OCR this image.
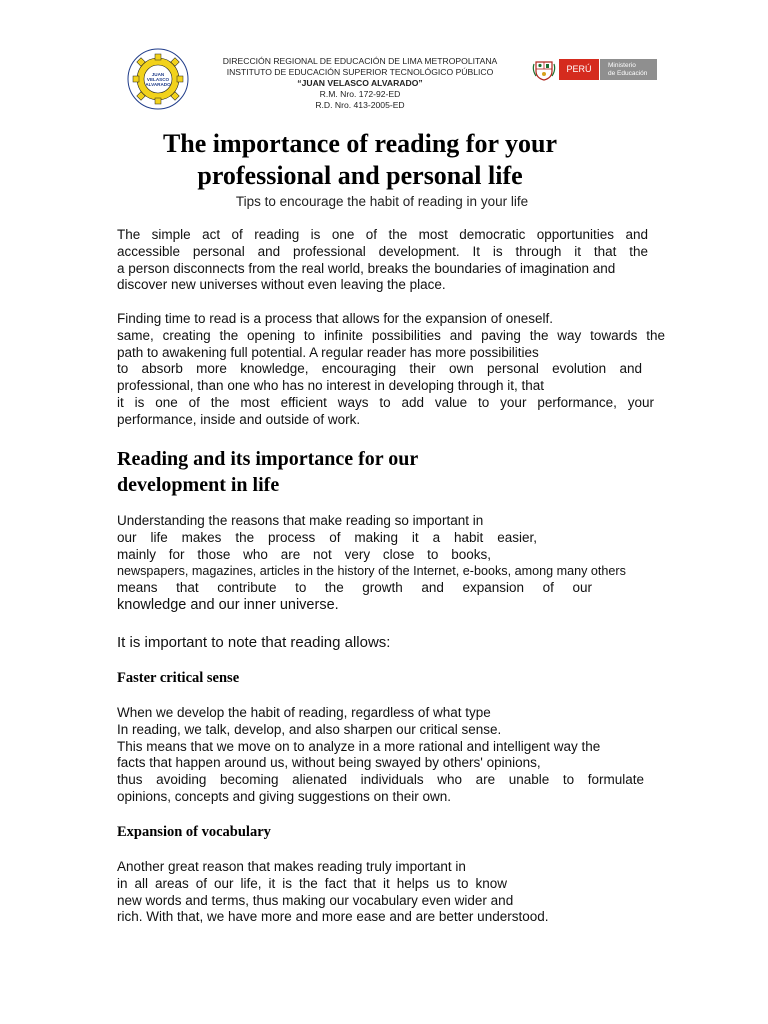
JUAN
VELASCO
ALVARADO
DIRECCIÓN REGIONAL DE EDUCACIÓN DE LIMA METROPOLITANA
INSTITUTO DE EDUCACIÓN SUPERIOR TECNOLÓGICO PÚBLICO
“JUAN VELASCO ALVARADO”
R.M. Nro. 172-92-ED
R.D. Nro. 413-2005-ED
PERÚ	Ministerio
de Educación
The importance of reading for your
professional and personal life
Tips to encourage the habit of reading in your life
The simple act of reading is one of the most democratic opportunities and
accessible personal and professional development. It is through it that the
a person disconnects from the real world, breaks the boundaries of imagination and
discover new universes without even leaving the place.
Finding time to read is a process that allows for the expansion of oneself.
same, creating the opening to infinite possibilities and paving the way towards the
path to awakening full potential. A regular reader has more possibilities
to absorb more knowledge, encouraging their own personal evolution and
professional, than one who has no interest in developing through it, that
it is one of the most efficient ways to add value to your performance, your
performance, inside and outside of work.
Reading and its importance for our
development in life
Understanding the reasons that make reading so important in
our life makes the process of making it a habit easier,
mainly for those who are not very close to books,
newspapers, magazines, articles in the history of the Internet, e-books, among many others
means that contribute to the growth and expansion of our
knowledge and our inner universe.
It is important to note that reading allows:
Faster critical sense
When we develop the habit of reading, regardless of what type
In reading, we talk, develop, and also sharpen our critical sense.
This means that we move on to analyze in a more rational and intelligent way the
facts that happen around us, without being swayed by others' opinions,
thus avoiding becoming alienated individuals who are unable to formulate
opinions, concepts and giving suggestions on their own.
Expansion of vocabulary
Another great reason that makes reading truly important in
in all areas of our life, it is the fact that it helps us to know
new words and terms, thus making our vocabulary even wider and
rich. With that, we have more and more ease and are better understood.
